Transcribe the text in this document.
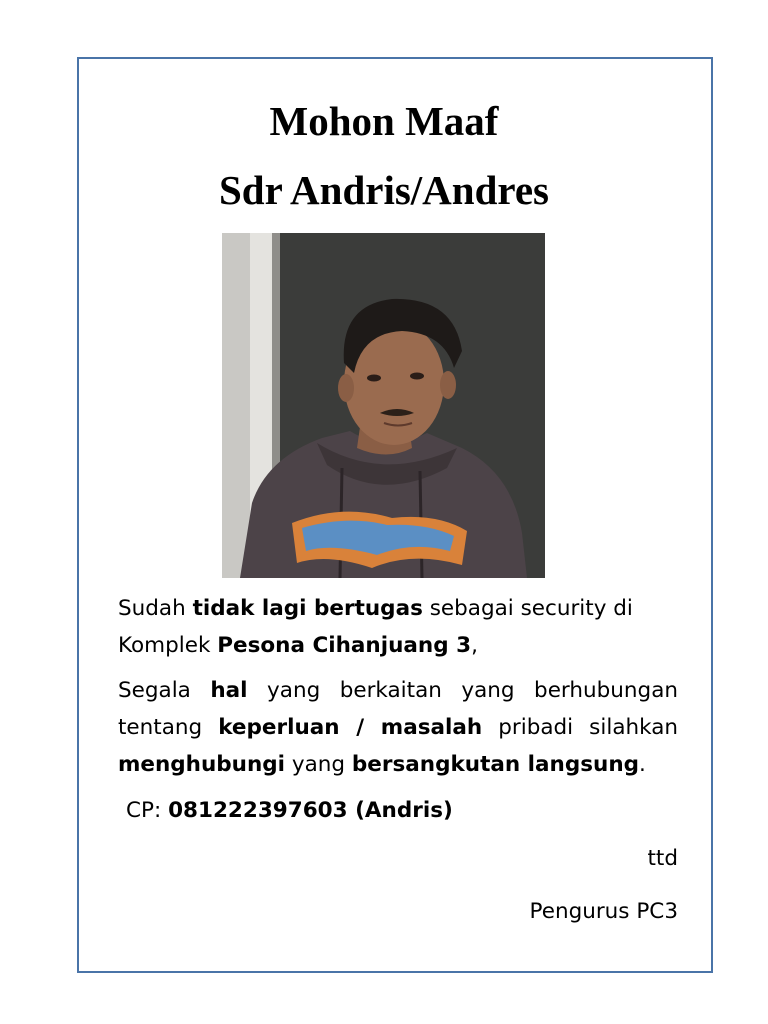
Mohon Maaf
Sdr Andris/Andres

Sudah tidak lagi bertugas sebagai security di Komplek Pesona Cihanjuang 3,

Segala hal yang berkaitan yang berhubungan tentang keperluan / masalah pribadi silahkan menghubungi yang bersangkutan langsung.

CP: 081222397603 (Andris)

ttd

Pengurus PC3
